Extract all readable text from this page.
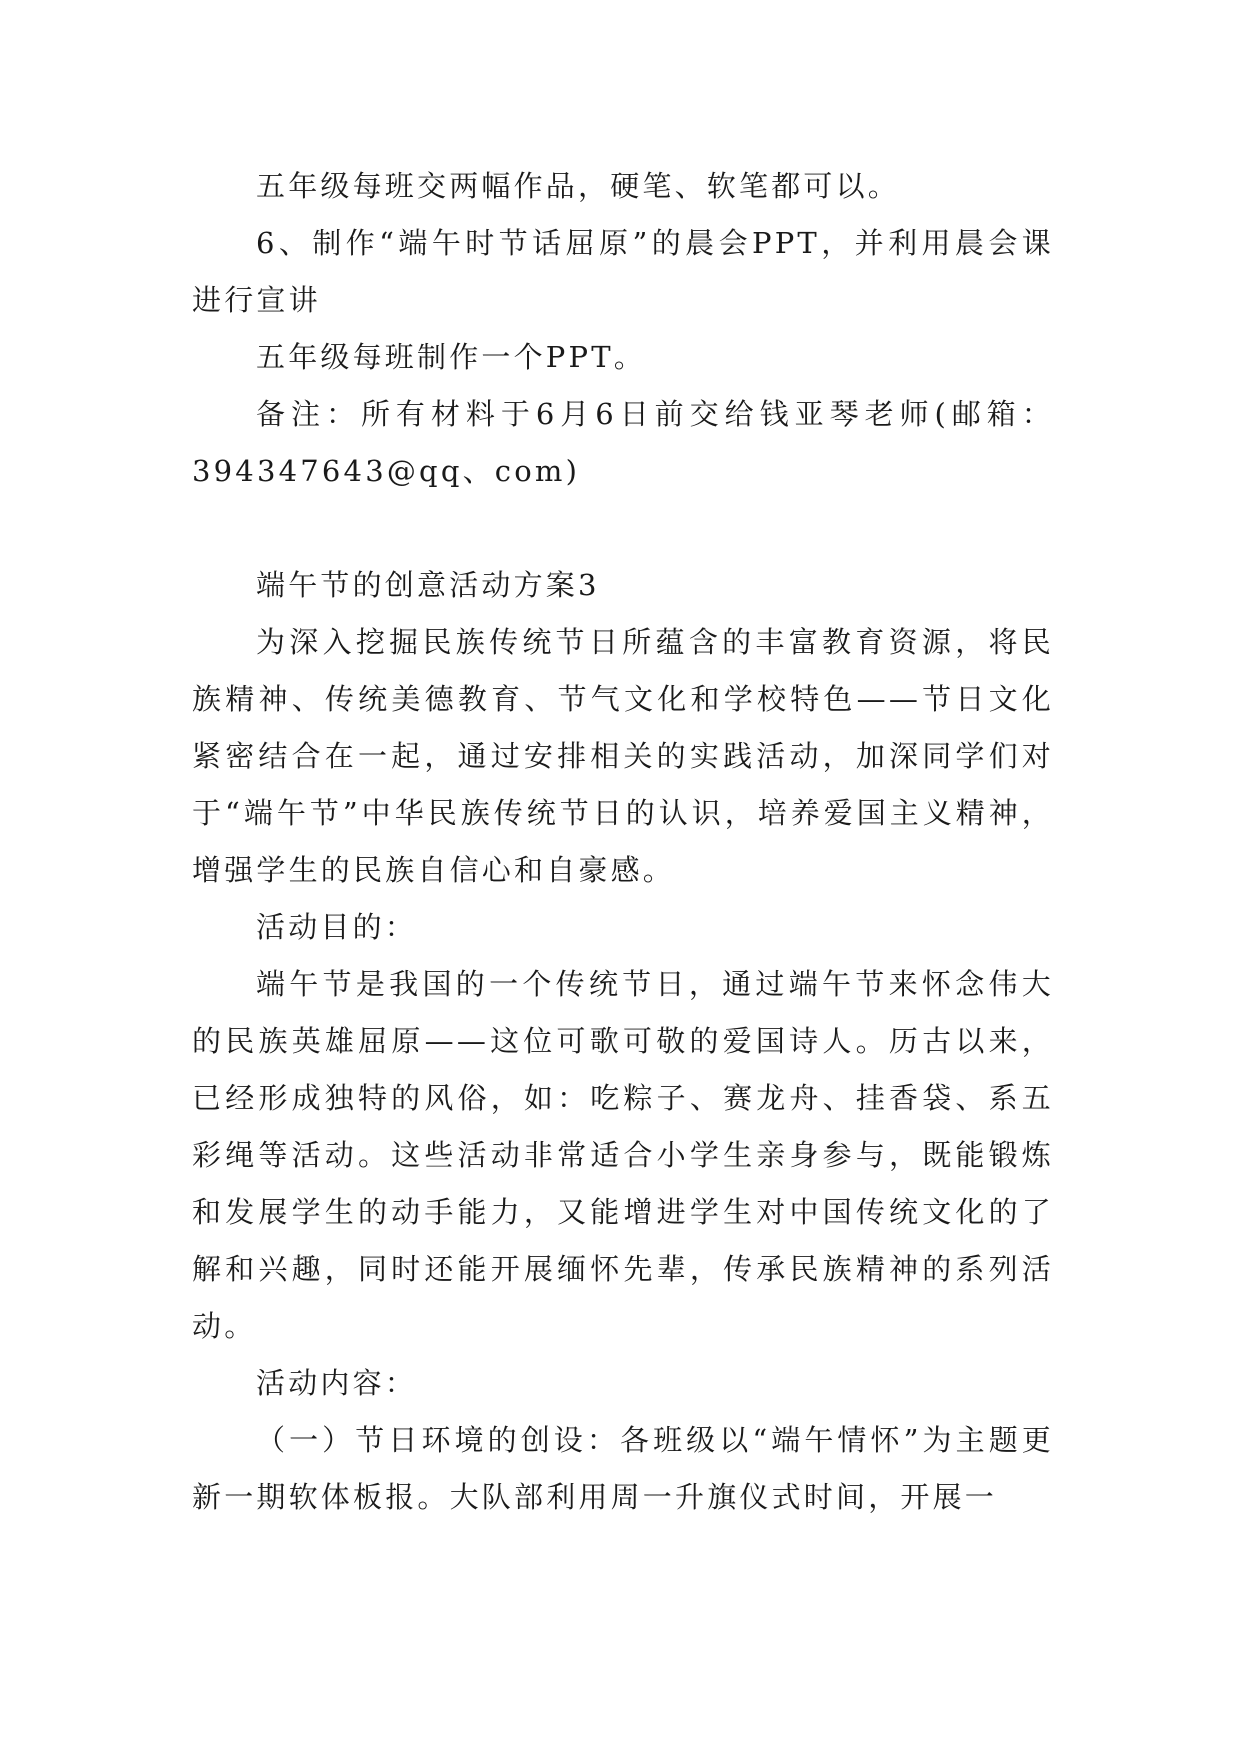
五年级每班交两幅作品，硬笔、软笔都可以。

6、制作“端午时节话屈原”的晨会PPT，并利用晨会课进行宣讲

五年级每班制作一个PPT。

备注：所有材料于6月6日前交给钱亚琴老师(邮箱：394347643@qq、com)

端午节的创意活动方案3

为深入挖掘民族传统节日所蕴含的丰富教育资源，将民族精神、传统美德教育、节气文化和学校特色——节日文化紧密结合在一起，通过安排相关的实践活动，加深同学们对于“端午节”中华民族传统节日的认识，培养爱国主义精神，增强学生的民族自信心和自豪感。

活动目的：

端午节是我国的一个传统节日，通过端午节来怀念伟大的民族英雄屈原——这位可歌可敬的爱国诗人。历古以来，已经形成独特的风俗，如：吃粽子、赛龙舟、挂香袋、系五彩绳等活动。这些活动非常适合小学生亲身参与，既能锻炼和发展学生的动手能力，又能增进学生对中国传统文化的了解和兴趣，同时还能开展缅怀先辈，传承民族精神的系列活动。

活动内容：

（一）节日环境的创设：各班级以“端午情怀”为主题更新一期软体板报。大队部利用周一升旗仪式时间，开展一
